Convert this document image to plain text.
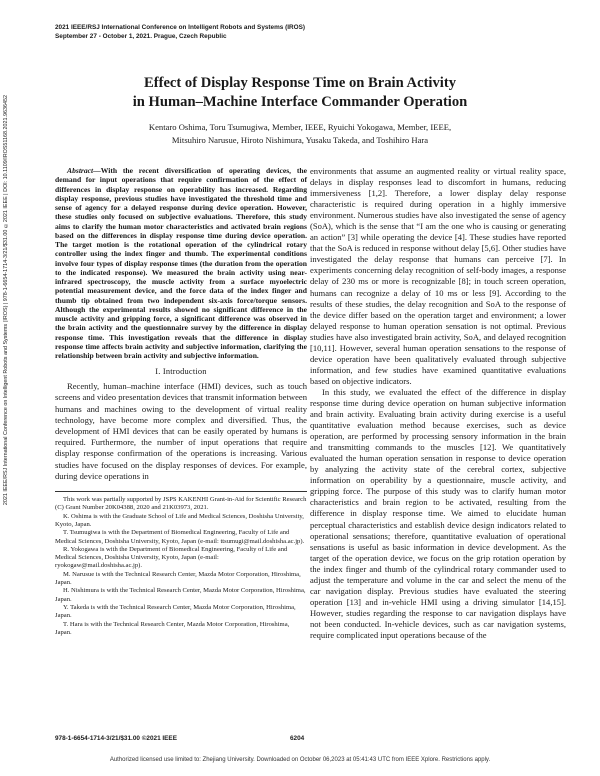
2021 IEEE/RSJ International Conference on Intelligent Robots and Systems (IROS)
September 27 - October 1, 2021. Prague, Czech Republic
2021 IEEE/RSJ International Conference on Intelligent Robots and Systems (IROS) | 978-1-6654-1714-3/21/$31.00 ©2021 IEEE | DOI: 10.1109/IROS51168.2021.9636452
Effect of Display Response Time on Brain Activity
in Human–Machine Interface Commander Operation
Kentaro Oshima, Toru Tsumugiwa, Member, IEEE, Ryuichi Yokogawa, Member, IEEE,
Mitsuhiro Narusue, Hiroto Nishimura, Yusaku Takeda, and Toshihiro Hara

Abstract—With the recent diversification of operating devices, the demand for input operations that require confirmation of the effect of differences in display response on operability has increased. Regarding display response, previous studies have investigated the threshold time and sense of agency for a delayed response during device operation. However, these studies only focused on subjective evaluations. Therefore, this study aims to clarify the human motor characteristics and activated brain regions based on the differences in display response time during device operation. The target motion is the rotational operation of the cylindrical rotary controller using the index finger and thumb. The experimental conditions involve four types of display response times (the duration from the operation to the indicated response). We measured the brain activity using near-infrared spectroscopy, the muscle activity from a surface myoelectric potential measurement device, and the force data of the index finger and thumb tip obtained from two independent six-axis force/torque sensors. Although the experimental results showed no significant difference in the muscle activity and gripping force, a significant difference was observed in the brain activity and the questionnaire survey by the difference in display response time. This investigation reveals that the difference in display response time affects brain activity and subjective information, clarifying the relationship between brain activity and subjective information.

I. Introduction

Recently, human–machine interface (HMI) devices, such as touch screens and video presentation devices that transmit information between humans and machines owing to the development of virtual reality technology, have become more complex and diversified. Thus, the development of HMI devices that can be easily operated by humans is required. Furthermore, the number of input operations that require display response confirmation of the operations is increasing. Various studies have focused on the display responses of devices. For example, during device operations in

This work was partially supported by JSPS KAKENHI Grant-in-Aid for Scientific Research (C) Grant Number 20K04388, 2020 and 21K03973, 2021.

K. Oshima is with the Graduate School of Life and Medical Sciences, Doshisha University, Kyoto, Japan.

T. Tsumugiwa is with the Department of Biomedical Engineering, Faculty of Life and Medical Sciences, Doshisha University, Kyoto, Japan (e-mail: ttsumugi@mail.doshisha.ac.jp).

R. Yokogawa is with the Department of Biomedical Engineering, Faculty of Life and Medical Sciences, Doshisha University, Kyoto, Japan (e-mail: ryokogaw@mail.doshisha.ac.jp).

M. Narusue is with the Technical Research Center, Mazda Motor Corporation, Hiroshima, Japan.

H. Nishimura is with the Technical Research Center, Mazda Motor Corporation, Hiroshima, Japan.

Y. Takeda is with the Technical Research Center, Mazda Motor Corporation, Hiroshima, Japan.

T. Hara is with the Technical Research Center, Mazda Motor Corporation, Hiroshima, Japan.

environments that assume an augmented reality or virtual reality space, delays in display responses lead to discomfort in humans, reducing immersiveness [1,2]. Therefore, a lower display delay response characteristic is required during operation in a highly immersive environment. Numerous studies have also investigated the sense of agency (SoA), which is the sense that “I am the one who is causing or generating an action” [3] while operating the device [4]. These studies have reported that the SoA is reduced in response without delay [5,6]. Other studies have investigated the delay response that humans can perceive [7]. In experiments concerning delay recognition of self-body images, a response delay of 230 ms or more is recognizable [8]; in touch screen operation, humans can recognize a delay of 10 ms or less [9]. According to the results of these studies, the delay recognition and SoA to the response of the device differ based on the operation target and environment; a lower delayed response to human operation sensation is not optimal. Previous studies have also investigated brain activity, SoA, and delayed recognition [10,11]. However, several human operation sensations to the response of device operation have been qualitatively evaluated through subjective information, and few studies have examined quantitative evaluations based on objective indicators.

In this study, we evaluated the effect of the difference in display response time during device operation on human subjective information and brain activity. Evaluating brain activity during exercise is a useful quantitative evaluation method because exercises, such as device operation, are performed by processing sensory information in the brain and transmitting commands to the muscles [12]. We quantitatively evaluated the human operation sensation in response to device operation by analyzing the activity state of the cerebral cortex, subjective information on operability by a questionnaire, muscle activity, and gripping force. The purpose of this study was to clarify human motor characteristics and brain region to be activated, resulting from the difference in display response time. We aimed to elucidate human perceptual characteristics and establish device design indicators related to operational sensations; therefore, quantitative evaluation of operational sensations is useful as basic information in device development. As the target of the operation device, we focus on the grip rotation operation by the index finger and thumb of the cylindrical rotary commander used to adjust the temperature and volume in the car and select the menu of the car navigation display. Previous studies have evaluated the steering operation [13] and in-vehicle HMI using a driving simulator [14,15]. However, studies regarding the response to car navigation displays have not been conducted. In-vehicle devices, such as car navigation systems, require complicated input operations because of the

978-1-6654-1714-3/21/$31.00 ©2021 IEEE	6204
Authorized licensed use limited to: Zhejiang University. Downloaded on October 06,2023 at 05:41:43 UTC from IEEE Xplore. Restrictions apply.
